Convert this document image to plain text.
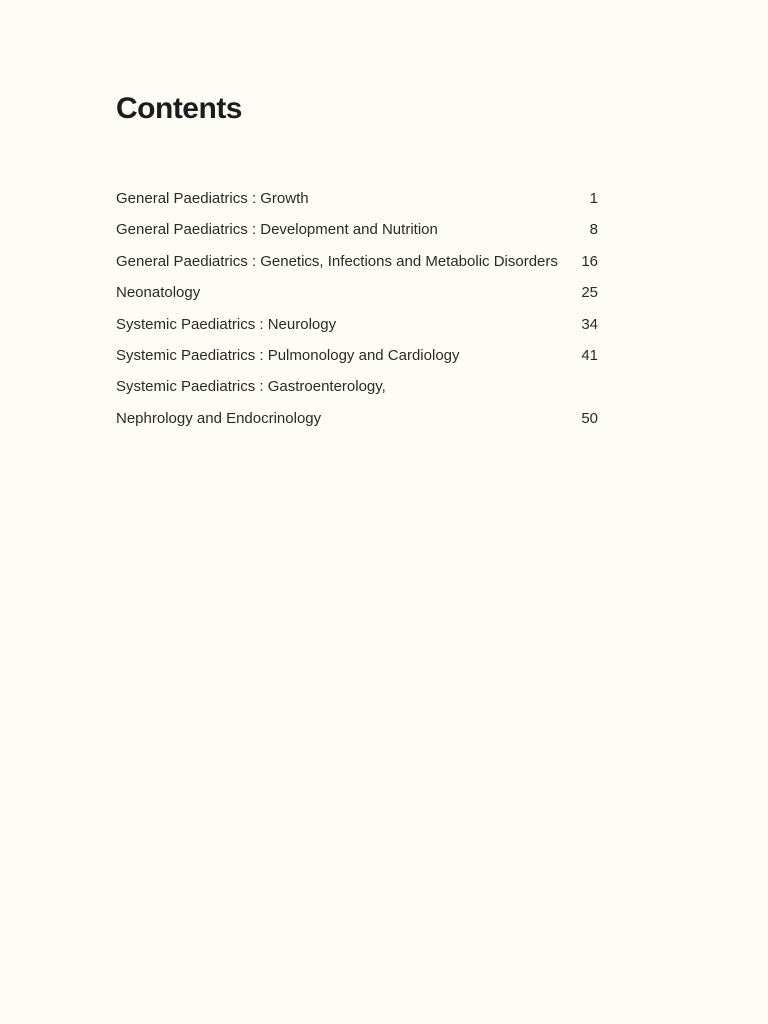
Contents
General Paediatrics : Growth	1
General Paediatrics : Development and Nutrition	8
General Paediatrics : Genetics, Infections and Metabolic Disorders	16
Neonatology	25
Systemic Paediatrics : Neurology	34
Systemic Paediatrics : Pulmonology and Cardiology	41
Systemic Paediatrics : Gastroenterology,
Nephrology and Endocrinology	50
